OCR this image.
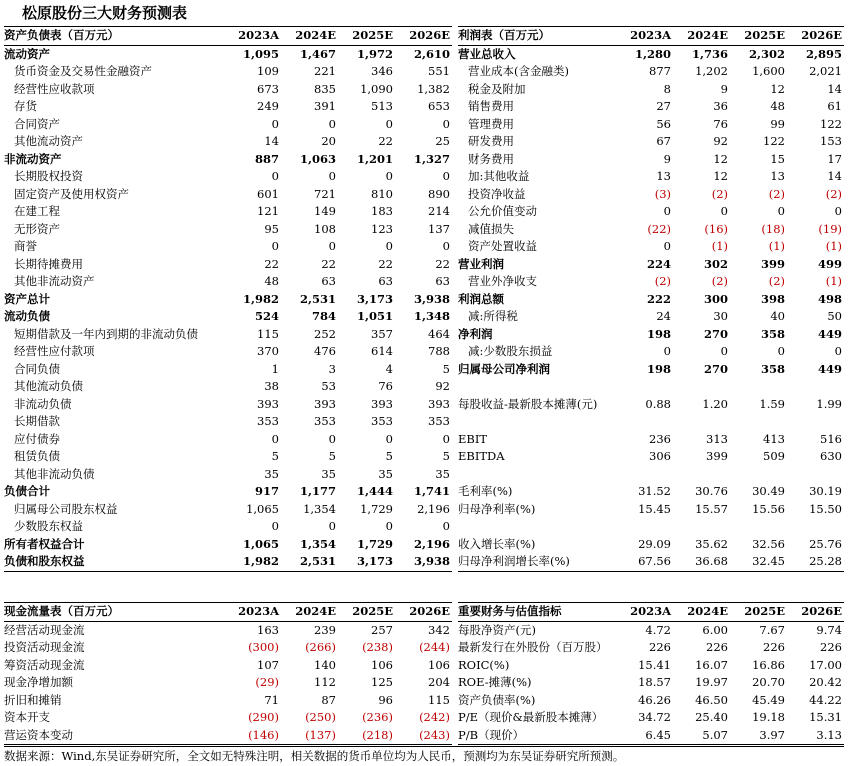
松原股份三大财务预测表
资产负债表（百万元）	2023A	2024E	2025E	2026E
流动资产	1,095	1,467	1,972	2,610
货币资金及交易性金融资产	109	221	346	551
经营性应收款项	673	835	1,090	1,382
存货	249	391	513	653
合同资产	0	0	0	0
其他流动资产	14	20	22	25
非流动资产	887	1,063	1,201	1,327
长期股权投资	0	0	0	0
固定资产及使用权资产	601	721	810	890
在建工程	121	149	183	214
无形资产	95	108	123	137
商誉	0	0	0	0
长期待摊费用	22	22	22	22
其他非流动资产	48	63	63	63
资产总计	1,982	2,531	3,173	3,938
流动负债	524	784	1,051	1,348
短期借款及一年内到期的非流动负债	115	252	357	464
经营性应付款项	370	476	614	788
合同负债	1	3	4	5
其他流动负债	38	53	76	92
非流动负债	393	393	393	393
长期借款	353	353	353	353
应付债券	0	0	0	0
租赁负债	5	5	5	5
其他非流动负债	35	35	35	35
负债合计	917	1,177	1,444	1,741
归属母公司股东权益	1,065	1,354	1,729	2,196
少数股东权益	0	0	0	0
所有者权益合计	1,065	1,354	1,729	2,196
负债和股东权益	1,982	2,531	3,173	3,938
利润表（百万元）	2023A	2024E	2025E	2026E
营业总收入	1,280	1,736	2,302	2,895
营业成本(含金融类)	877	1,202	1,600	2,021
税金及附加	8	9	12	14
销售费用	27	36	48	61
管理费用	56	76	99	122
研发费用	67	92	122	153
财务费用	9	12	15	17
加:其他收益	13	12	13	14
投资净收益	(3)	(2)	(2)	(2)
公允价值变动	0	0	0	0
减值损失	(22)	(16)	(18)	(19)
资产处置收益	0	(1)	(1)	(1)
营业利润	224	302	399	499
营业外净收支	(2)	(2)	(2)	(1)
利润总额	222	300	398	498
减:所得税	24	30	40	50
净利润	198	270	358	449
减:少数股东损益	0	0	0	0
归属母公司净利润	198	270	358	449

每股收益-最新股本摊薄(元)	0.88	1.20	1.59	1.99

EBIT	236	313	413	516
EBITDA	306	399	509	630

毛利率(%)	31.52	30.76	30.49	30.19
归母净利率(%)	15.45	15.57	15.56	15.50

收入增长率(%)	29.09	35.62	32.56	25.76
归母净利润增长率(%)	67.56	36.68	32.45	25.28
现金流量表（百万元）	2023A	2024E	2025E	2026E
经营活动现金流	163	239	257	342
投资活动现金流	(300)	(266)	(238)	(244)
筹资活动现金流	107	140	106	106
现金净增加额	(29)	112	125	204
折旧和摊销	71	87	96	115
资本开支	(290)	(250)	(236)	(242)
营运资本变动	(146)	(137)	(218)	(243)
重要财务与估值指标	2023A	2024E	2025E	2026E
每股净资产(元)	4.72	6.00	7.67	9.74
最新发行在外股份（百万股）	226	226	226	226
ROIC(%)	15.41	16.07	16.86	17.00
ROE-摊薄(%)	18.57	19.97	20.70	20.42
资产负债率(%)	46.26	46.50	45.49	44.22
P/E（现价&最新股本摊薄）	34.72	25.40	19.18	15.31
P/B（现价）	6.45	5.07	3.97	3.13
数据来源：Wind,东吴证券研究所，全文如无特殊注明，相关数据的货币单位均为人民币，预测均为东吴证券研究所预测。
